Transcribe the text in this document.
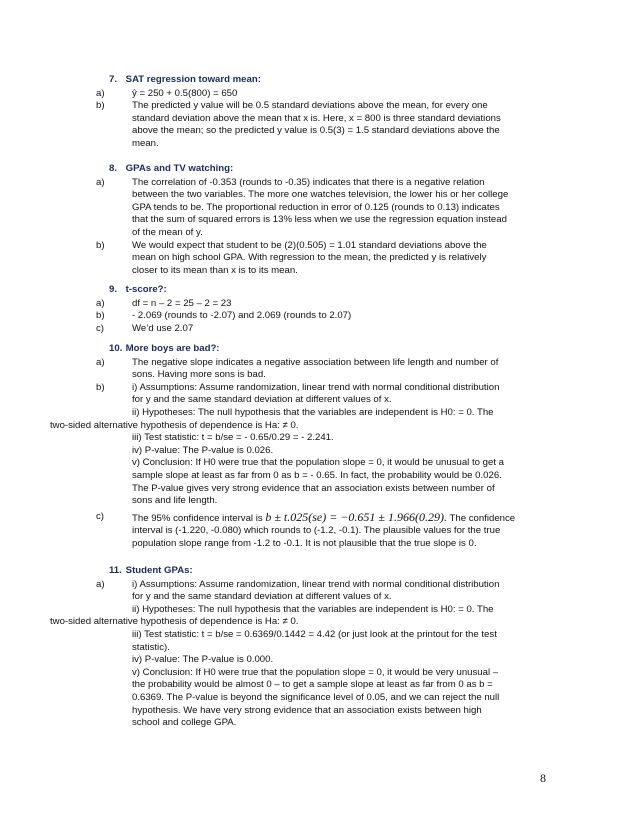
7. SAT regression toward mean:

a)	ŷ = 250 + 0.5(800) = 650

b)	The predicted y value will be 0.5 standard deviations above the mean, for every one

standard deviation above the mean that x is. Here, x = 800 is three standard deviations

above the mean; so the predicted y value is 0.5(3) = 1.5 standard deviations above the

mean.

8. GPAs and TV watching:

a)	The correlation of -0.353 (rounds to -0.35) indicates that there is a negative relation

between the two variables. The more one watches television, the lower his or her college

GPA tends to be. The proportional reduction in error of 0.125 (rounds to 0.13) indicates

that the sum of squared errors is 13% less when we use the regression equation instead

of the mean of y.

b)	We would expect that student to be (2)(0.505) = 1.01 standard deviations above the

mean on high school GPA. With regression to the mean, the predicted y is relatively

closer to its mean than x is to its mean.

9. t-score?:

a)	df = n – 2 = 25 – 2 = 23

b)	- 2.069 (rounds to -2.07) and 2.069 (rounds to 2.07)

c)	We’d use 2.07

10. More boys are bad?:

a)	The negative slope indicates a negative association between life length and number of

sons. Having more sons is bad.

b)	i) Assumptions: Assume randomization, linear trend with normal conditional distribution

for y and the same standard deviation at different values of x.

ii) Hypotheses: The null hypothesis that the variables are independent is H0: = 0. The

two-sided alternative hypothesis of dependence is Ha: ≠ 0.

iii) Test statistic: t = b/se = - 0.65/0.29 = - 2.241.

iv) P-value: The P-value is 0.026.

v) Conclusion: If H0 were true that the population slope = 0, it would be unusual to get a

sample slope at least as far from 0 as b = - 0.65. In fact, the probability would be 0.026.

The P-value gives very strong evidence that an association exists between number of

sons and life length.

c)	The 95% confidence interval is b ± t.025(se) = −0.651 ± 1.966(0.29). The confidence

interval is (-1.220, -0.080) which rounds to (-1.2, -0.1). The plausible values for the true

population slope range from -1.2 to -0.1. It is not plausible that the true slope is 0.

11. Student GPAs:

a)	i) Assumptions: Assume randomization, linear trend with normal conditional distribution

for y and the same standard deviation at different values of x.

ii) Hypotheses: The null hypothesis that the variables are independent is H0: = 0. The

two-sided alternative hypothesis of dependence is Ha: ≠ 0.

iii) Test statistic: t = b/se = 0.6369/0.1442 = 4.42 (or just look at the printout for the test

statistic).

iv) P-value: The P-value is 0.000.

v) Conclusion: If H0 were true that the population slope = 0, it would be very unusual –

the probability would be almost 0 – to get a sample slope at least as far from 0 as b =

0.6369. The P-value is beyond the significance level of 0.05, and we can reject the null

hypothesis. We have very strong evidence that an association exists between high

school and college GPA.

8
